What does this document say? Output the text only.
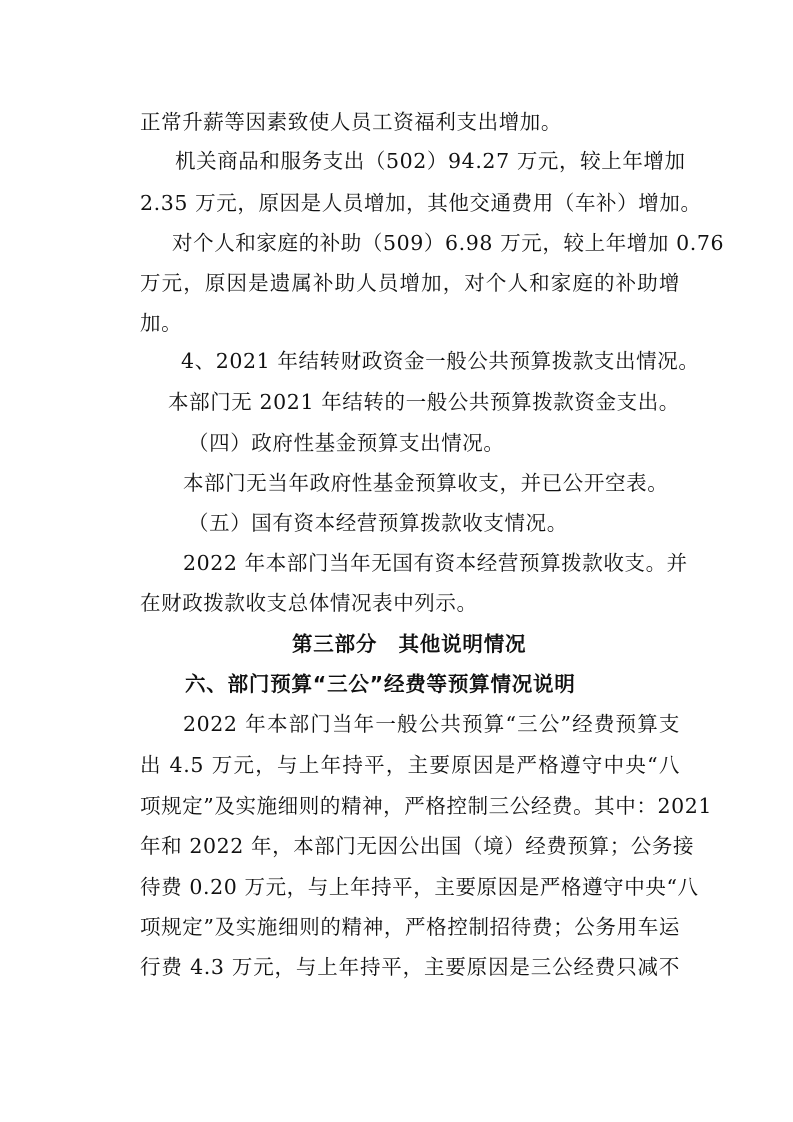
正常升薪等因素致使人员工资福利支出增加。
机关商品和服务支出（502）94.27 万元，较上年增加
2.35 万元，原因是人员增加，其他交通费用（车补）增加。
对个人和家庭的补助（509）6.98 万元，较上年增加 0.76
万元，原因是遗属补助人员增加，对个人和家庭的补助增
加。
4、2021 年结转财政资金一般公共预算拨款支出情况。
本部门无 2021 年结转的一般公共预算拨款资金支出。
（四）政府性基金预算支出情况。
本部门无当年政府性基金预算收支，并已公开空表。
（五）国有资本经营预算拨款收支情况。
2022 年本部门当年无国有资本经营预算拨款收支。并
在财政拨款收支总体情况表中列示。
第三部分　其他说明情况
六、部门预算“三公”经费等预算情况说明
2022 年本部门当年一般公共预算“三公”经费预算支
出 4.5 万元，与上年持平，主要原因是严格遵守中央“八
项规定”及实施细则的精神，严格控制三公经费。其中：2021
年和 2022 年，本部门无因公出国（境）经费预算；公务接
待费 0.20 万元，与上年持平，主要原因是严格遵守中央“八
项规定”及实施细则的精神，严格控制招待费；公务用车运
行费 4.3 万元，与上年持平，主要原因是三公经费只减不
